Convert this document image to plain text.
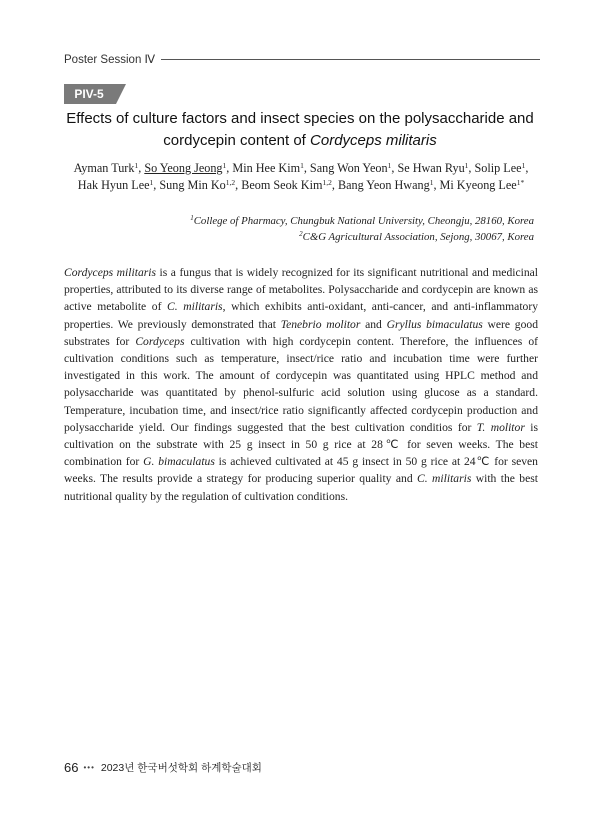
Poster Session Ⅳ
PIV-5
Effects of culture factors and insect species on the polysaccharide and
cordycepin content of Cordyceps militaris
Ayman Turk$^1$, So Yeong Jeong$^1$, Min Hee Kim$^1$, Sang Won Yeon$^1$, Se Hwan Ryu$^1$, Solip Lee$^1$,
Hak Hyun Lee$^1$, Sung Min Ko$^{1,2}$, Beom Seok Kim$^{1,2}$, Bang Yeon Hwang$^1$, Mi Kyeong Lee$^{1*}$
$^1$College of Pharmacy, Chungbuk National University, Cheongju, 28160, Korea
$^2$C&G Agricultural Association, Sejong, 30067, Korea
Cordyceps militaris is a fungus that is widely recognized for its significant nutritional and medicinal properties, attributed to its diverse range of metabolites. Polysaccharide and cordycepin are known as active metabolite of C. militaris, which exhibits anti-oxidant, anti-cancer, and anti-inflammatory properties. We previously demonstrated that Tenebrio molitor and Gryllus bimaculatus were good substrates for Cordyceps cultivation with high cordycepin content. Therefore, the influences of cultivation conditions such as temperature, insect/rice ratio and incubation time were further investigated in this work. The amount of cordycepin was quantitated using HPLC method and polysaccharide was quantitated by phenol-sulfuric acid solution using glucose as a standard. Temperature, incubation time, and insect/rice ratio significantly affected cordycepin production and polysaccharide yield. Our findings suggested that the best cultivation conditios for T. molitor is cultivation on the substrate with 25 g insect in 50 g rice at 28℃ for seven weeks. The best combination for G. bimaculatus is achieved cultivated at 45 g insect in 50 g rice at 24℃ for seven weeks. The results provide a strategy for producing superior quality and C. militaris with the best nutritional quality by the regulation of cultivation conditions.
66 ••• 2023년 한국버섯학회 하계학술대회
